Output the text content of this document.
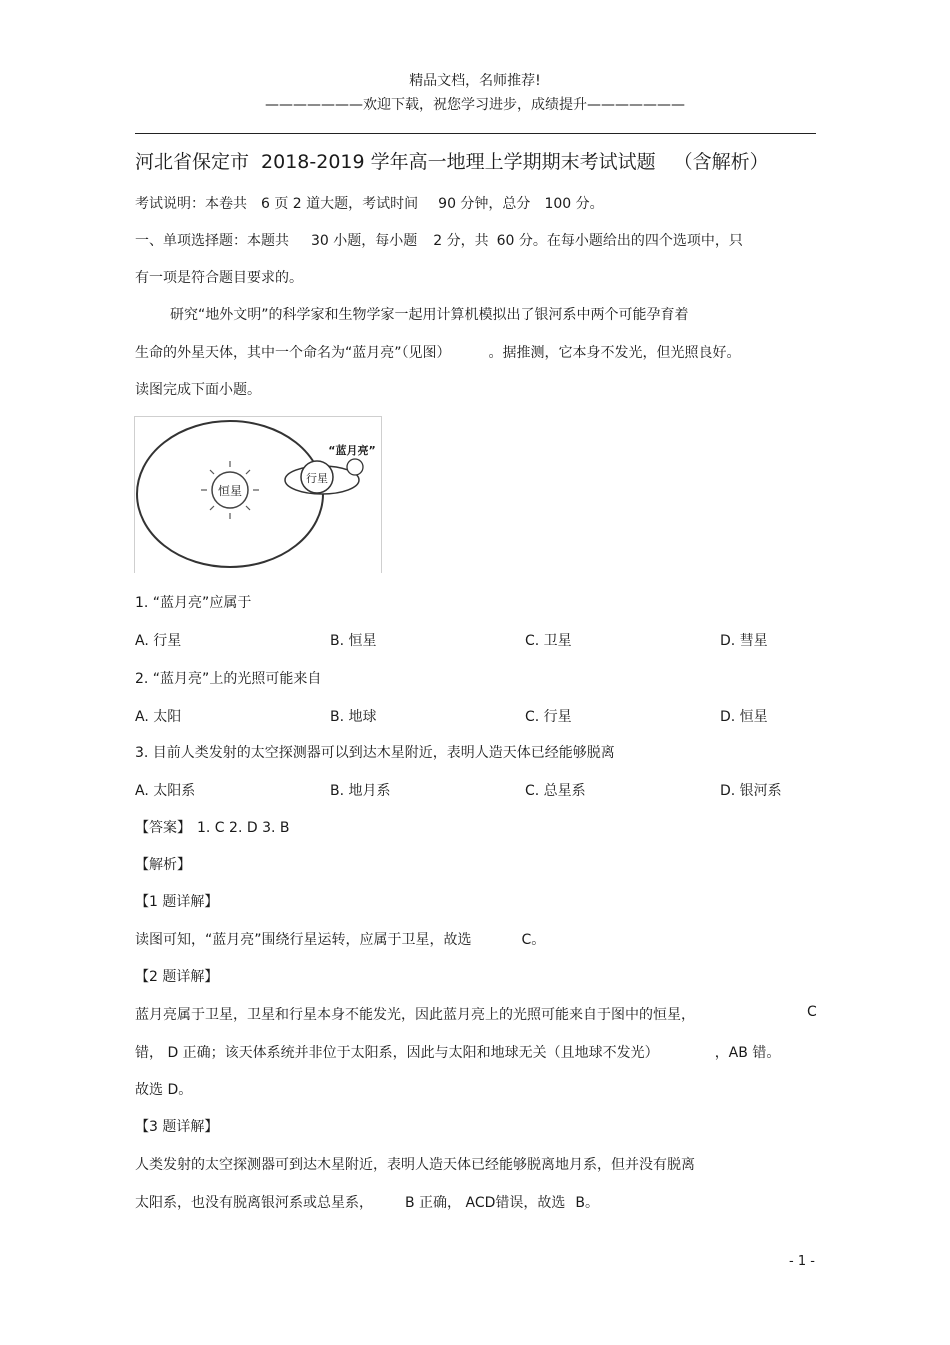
精品文档，名师推荐!
———————欢迎下载，祝您学习进步，成绩提升———————
河北省保定市 2018-2019 学年高一地理上学期期末考试试题 （含解析）
考试说明：本卷共 6 页 2 道大题，考试时间 90 分钟，总分 100 分。
一、单项选择题：本题共 30 小题，每小题 2 分，共 60 分。在每小题给出的四个选项中，只
有一项是符合题目要求的。
研究“地外文明”的科学家和生物学家一起用计算机模拟出了银河系中两个可能孕育着
生命的外星天体，其中一个命名为“蓝月亮”（见图）	。据推测，它本身不发光，但光照良好。
读图完成下面小题。
恒星
行星
“蓝月亮”
1. “蓝月亮”应属于
A. 行星	B. 恒星	C. 卫星	D. 彗星
2. “蓝月亮”上的光照可能来自
A. 太阳	B. 地球	C. 行星	D. 恒星
3. 目前人类发射的太空探测器可以到达木星附近，表明人造天体已经能够脱离
A. 太阳系	B. 地月系	C. 总星系	D. 银河系
【答案】 1. C 2. D 3. B
【解析】
【1 题详解】
读图可知，“蓝月亮”围绕行星运转，应属于卫星，故选	C。
【2 题详解】
蓝月亮属于卫星，卫星和行星本身不能发光，因此蓝月亮上的光照可能来自于图中的恒星，	C
错， D 正确；该天体系统并非位于太阳系，因此与太阳和地球无关（且地球不发光）	，AB 错。
故选 D。
【3 题详解】
人类发射的太空探测器可到达木星附近，表明人造天体已经能够脱离地月系，但并没有脱离
太阳系，也没有脱离银河系或总星系， B 正确， ACD错误，故选 B。
- 1 -
